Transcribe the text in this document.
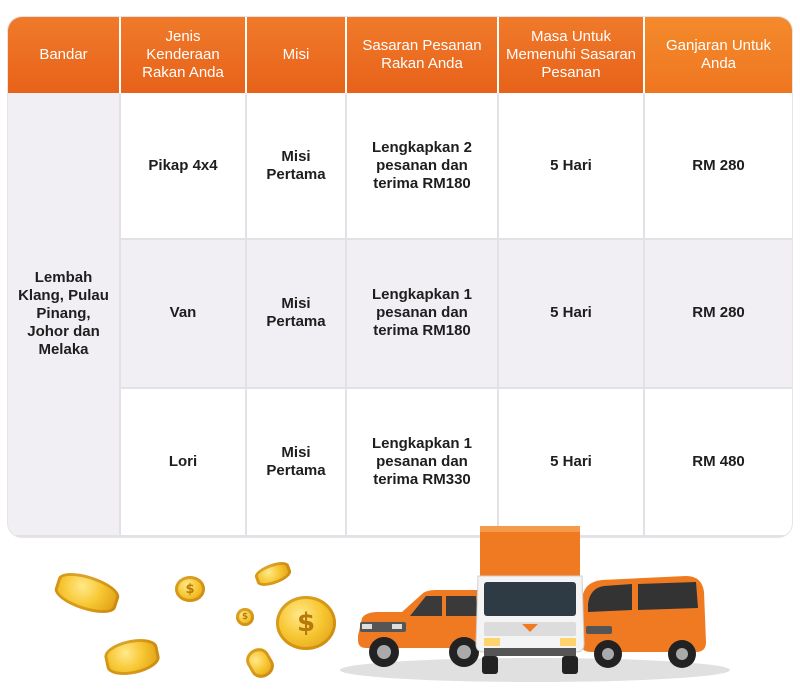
Bandar	Jenis Kenderaan Rakan Anda	Misi	Sasaran Pesanan Rakan Anda	Masa Untuk Memenuhi Sasaran Pesanan	Ganjaran Untuk Anda
Lembah Klang, Pulau Pinang, Johor dan Melaka	Pikap 4x4	Misi Pertama	Lengkapkan 2 pesanan dan terima RM180	5 Hari	RM 280
	Van	Misi Pertama	Lengkapkan 1 pesanan dan terima RM180	5 Hari	RM 280
	Lori	Misi Pertama	Lengkapkan 1 pesanan dan terima RM330	5 Hari	RM 480
$
$ $
